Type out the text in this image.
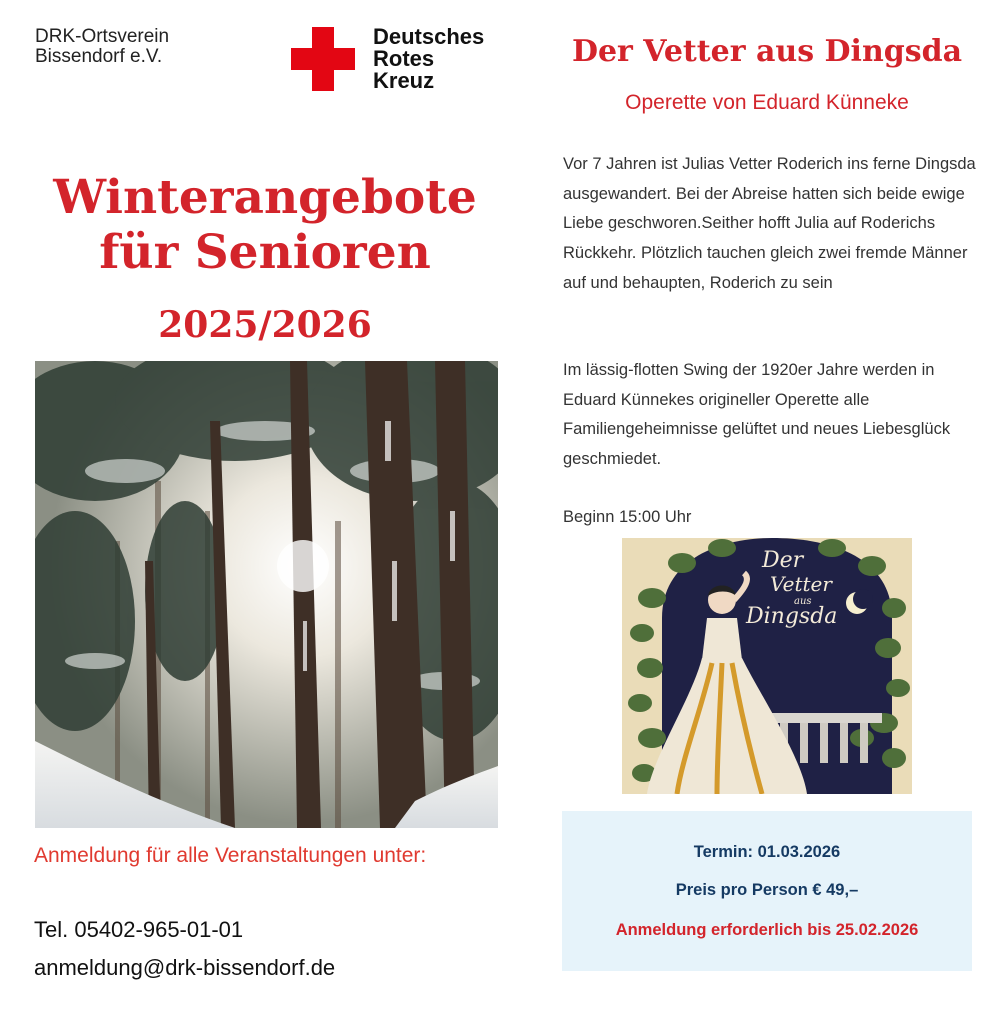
DRK-Ortsverein
Bissendorf e.V.
Deutsches
Rotes
Kreuz
Winterangebote
für Senioren
2025/2026
Anmeldung für alle Veranstaltungen unter:
Tel. 05402-965-01-01
anmeldung@drk-bissendorf.de
Der Vetter aus Dingsda
Operette von Eduard Künneke

Vor 7 Jahren ist Julias Vetter Roderich ins ferne Dingsda ausgewandert. Bei der Abreise hatten sich beide ewige Liebe geschworen.Seither hofft Julia auf Roderichs Rückkehr. Plötzlich tauchen gleich zwei fremde Männer auf und behaupten, Roderich zu sein

Im lässig-flotten Swing der 1920er Jahre werden in Eduard Künnekes origineller Operette alle Familiengeheimnisse gelüftet und neues Liebesglück geschmiedet.

Beginn 15:00 Uhr
Der
Vetter
aus
Dingsda
Termin: 01.03.2026
Preis pro Person € 49,–
Anmeldung erforderlich bis 25.02.2026
